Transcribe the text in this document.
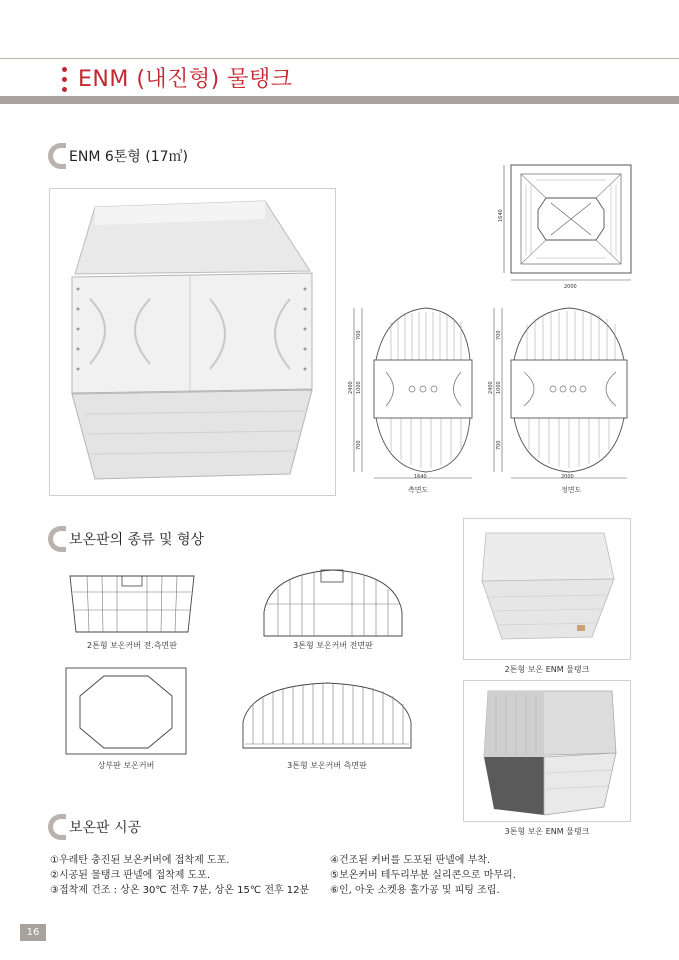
ENM (내진형) 물탱크
ENM 6톤형 (17㎥)
2000
1640
1640
2400 1000
700
700
측면도
2000
2400 1000
700
700
정면도
보온판의 종류 및 형상
2톤형 보온커버 전.측면판	3톤형 보온커버 전면판
상부판 보온커버	3톤형 보온커버 측면판
2톤형 보온 ENM 물탱크
3톤형 보온 ENM 물탱크
보온판 시공
①우레탄 충진된 보온커버에 접착제 도포.
②시공된 물탱크 판넬에 접착제 도포.
③접착제 건조 : 상온 30℃ 전후 7분, 상온 15℃ 전후 12분
④건조된 커버를 도포된 판넬에 부착.
⑤보온커버 테두리부분 실리콘으로 마무리.
⑥인, 아웃 소켓용 홀가공 및 피팅 조립.
16
